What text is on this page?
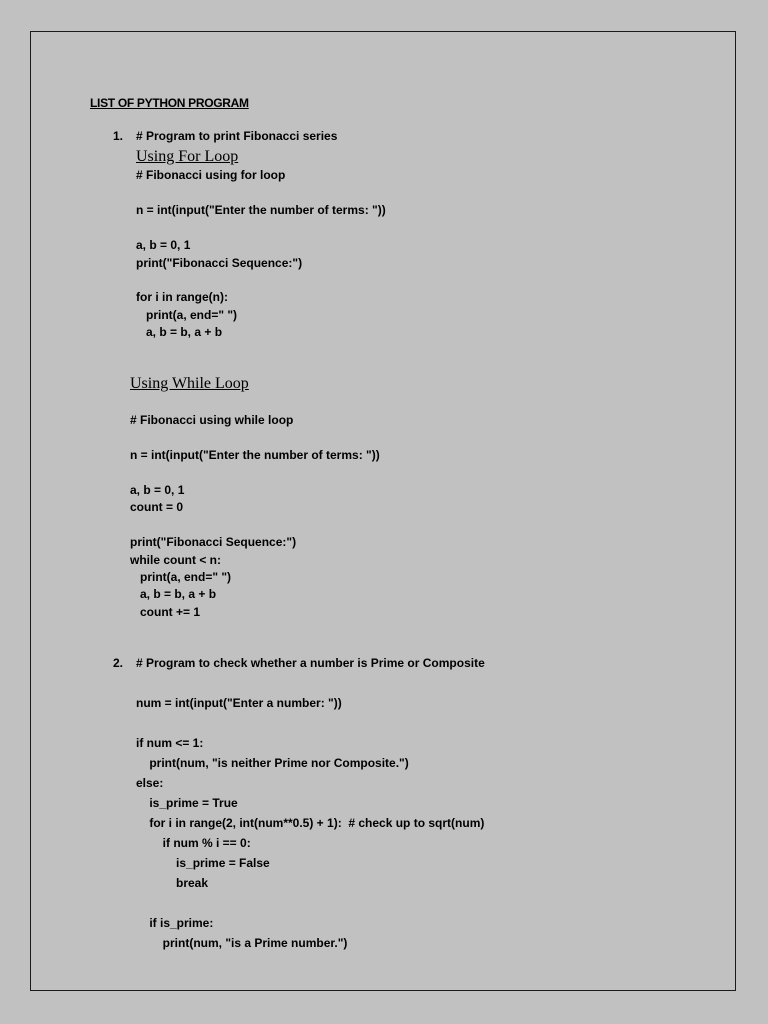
LIST OF PYTHON PROGRAM
1. # Program to print Fibonacci series
Using For Loop
# Fibonacci using for loop
n = int(input("Enter the number of terms: "))
a, b = 0, 1
print("Fibonacci Sequence:")
for i in range(n):
print(a, end=" ")
a, b = b, a + b
Using While Loop
# Fibonacci using while loop
n = int(input("Enter the number of terms: "))
a, b = 0, 1
count = 0
print("Fibonacci Sequence:")
while count < n:
print(a, end=" ")
a, b = b, a + b
count += 1
2. # Program to check whether a number is Prime or Composite
num = int(input("Enter a number: "))
if num <= 1:
print(num, "is neither Prime nor Composite.")
else:
is_prime = True
for i in range(2, int(num**0.5) + 1):  # check up to sqrt(num)
if num % i == 0:
is_prime = False
break
if is_prime:
print(num, "is a Prime number.")
